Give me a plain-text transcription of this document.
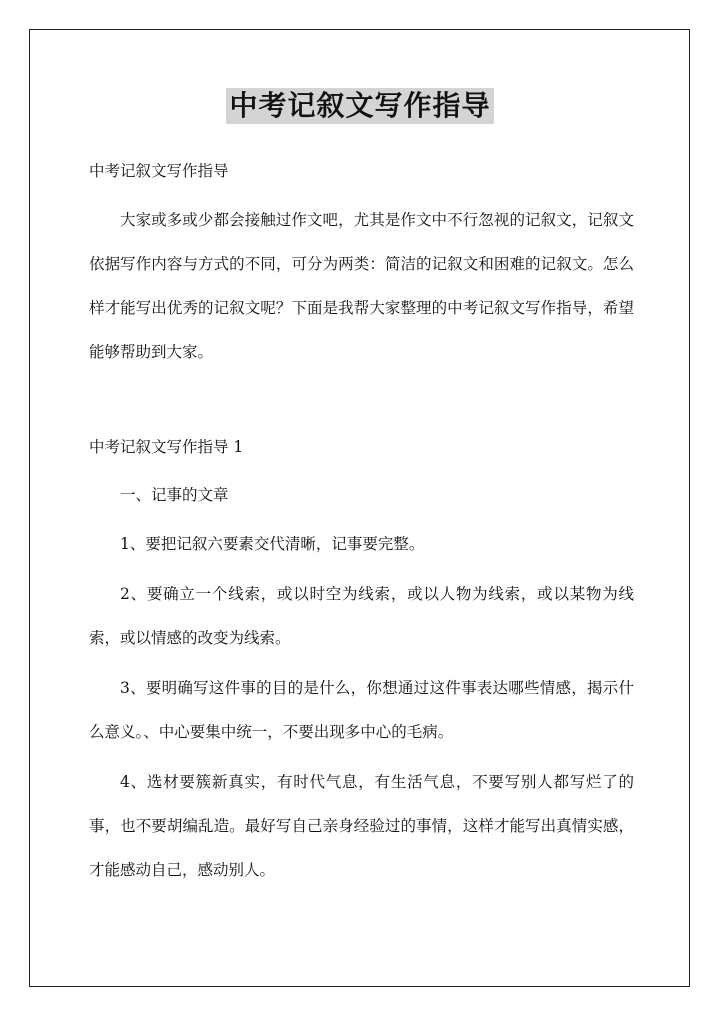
中考记叙文写作指导
中考记叙文写作指导

大家或多或少都会接触过作文吧，尤其是作文中不行忽视的记叙文，记叙文依据写作内容与方式的不同，可分为两类：简洁的记叙文和困难的记叙文。怎么样才能写出优秀的记叙文呢？下面是我帮大家整理的中考记叙文写作指导，希望能够帮助到大家。

中考记叙文写作指导 1
一、记事的文章

1、要把记叙六要素交代清晰，记事要完整。

2、要确立一个线索，或以时空为线索，或以人物为线索，或以某物为线索，或以情感的改变为线索。

3、要明确写这件事的目的是什么，你想通过这件事表达哪些情感，揭示什么意义。、中心要集中统一，不要出现多中心的毛病。

4、选材要簇新真实，有时代气息，有生活气息，不要写别人都写烂了的事，也不要胡编乱造。最好写自己亲身经验过的事情，这样才能写出真情实感，才能感动自己，感动别人。
